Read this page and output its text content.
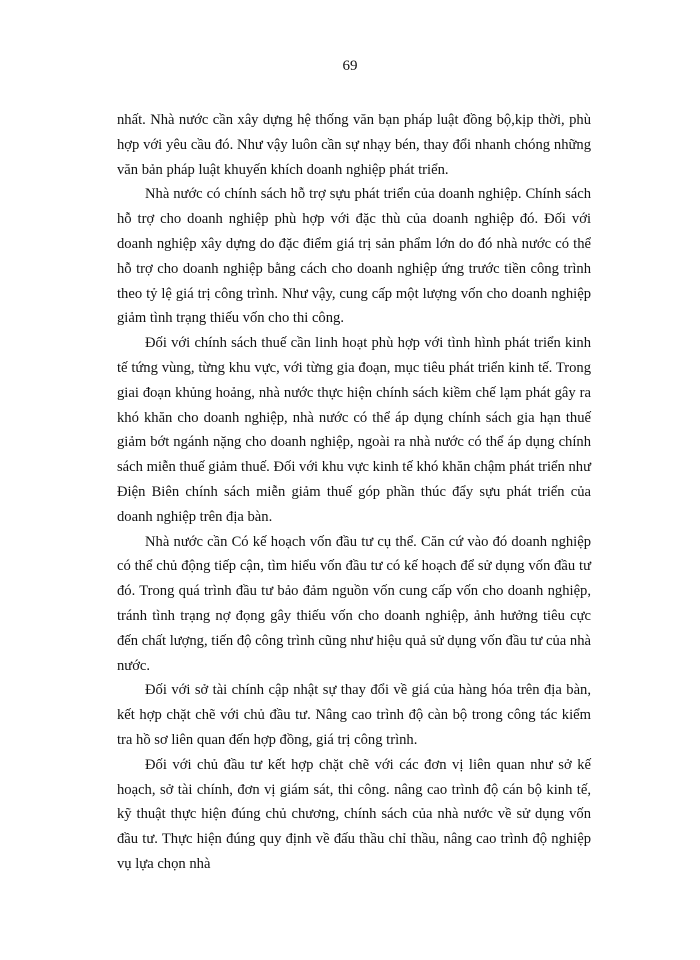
69

nhất. Nhà nước cần xây dựng hệ thống văn bạn pháp luật đồng bộ,kịp thời, phù hợp với yêu cầu đó. Như vậy luôn cần sự nhạy bén, thay đổi nhanh chóng những văn bản pháp luật khuyến khích doanh nghiệp phát triển.

Nhà nước có chính sách hỗ trợ sựu phát triển của doanh nghiệp. Chính sách hỗ trợ cho doanh nghiệp phù hợp với đặc thù của doanh nghiệp đó. Đối với doanh nghiệp xây dựng do đặc điểm giá trị sản phẩm lớn do đó nhà nước có thể hỗ trợ cho doanh nghiệp bằng cách cho doanh nghiệp ứng trước tiền công trình theo tỷ lệ giá trị công trình. Như vậy, cung cấp một lượng vốn cho doanh nghiệp giảm tình trạng thiếu vốn cho thi công.

Đối với chính sách thuế cần linh hoạt phù hợp với tình hình phát triển kinh tế tứng vùng, từng khu vực, với từng gia đoạn, mục tiêu phát triển kinh tế. Trong giai đoạn khủng hoảng, nhà nước thực hiện chính sách kiềm chế lạm phát gây ra khó khăn cho doanh nghiệp, nhà nước có thể áp dụng chính sách gia hạn thuế giảm bớt ngánh nặng cho doanh nghiệp, ngoài ra nhà nước có thể áp dụng chính sách miễn thuế giảm thuế. Đối với khu vực kinh tế khó khăn chậm phát triển như Điện Biên chính sách miễn giảm thuế góp phần thúc đẩy sựu phát triển của doanh nghiệp trên địa bàn.

Nhà nước cần Có kế hoạch vốn đầu tư cụ thể. Căn cứ vào đó doanh nghiệp có thể chủ động tiếp cận, tìm hiểu vốn đầu tư có kế hoạch để sử dụng vốn đầu tư đó. Trong quá trình đầu tư bảo đảm nguồn vốn cung cấp vốn cho doanh nghiệp, tránh tình trạng nợ đọng gây thiếu vốn cho doanh nghiệp, ảnh hưởng tiêu cực đến chất lượng, tiến độ công trình cũng như hiệu quả sử dụng vốn đầu tư của nhà nước.

Đối với sở tài chính cập nhật sự thay đổi về giá của hàng hóa trên địa bàn, kết hợp chặt chẽ với chủ đầu tư. Nâng cao trình độ càn bộ trong công tác kiểm tra hồ sơ liên quan đến hợp đồng, giá trị công trình.

Đối với chủ đầu tư kết hợp chặt chẽ với các đơn vị liên quan như sở kế hoạch, sở tài chính, đơn vị giám sát, thi công. nâng cao trình độ cán bộ kinh tế, kỹ thuật thực hiện đúng chủ chương, chính sách của nhà nước về sử dụng vốn đầu tư. Thực hiện đúng quy định về đấu thầu chỉ thầu, nâng cao trình độ nghiệp vụ lựa chọn nhà
